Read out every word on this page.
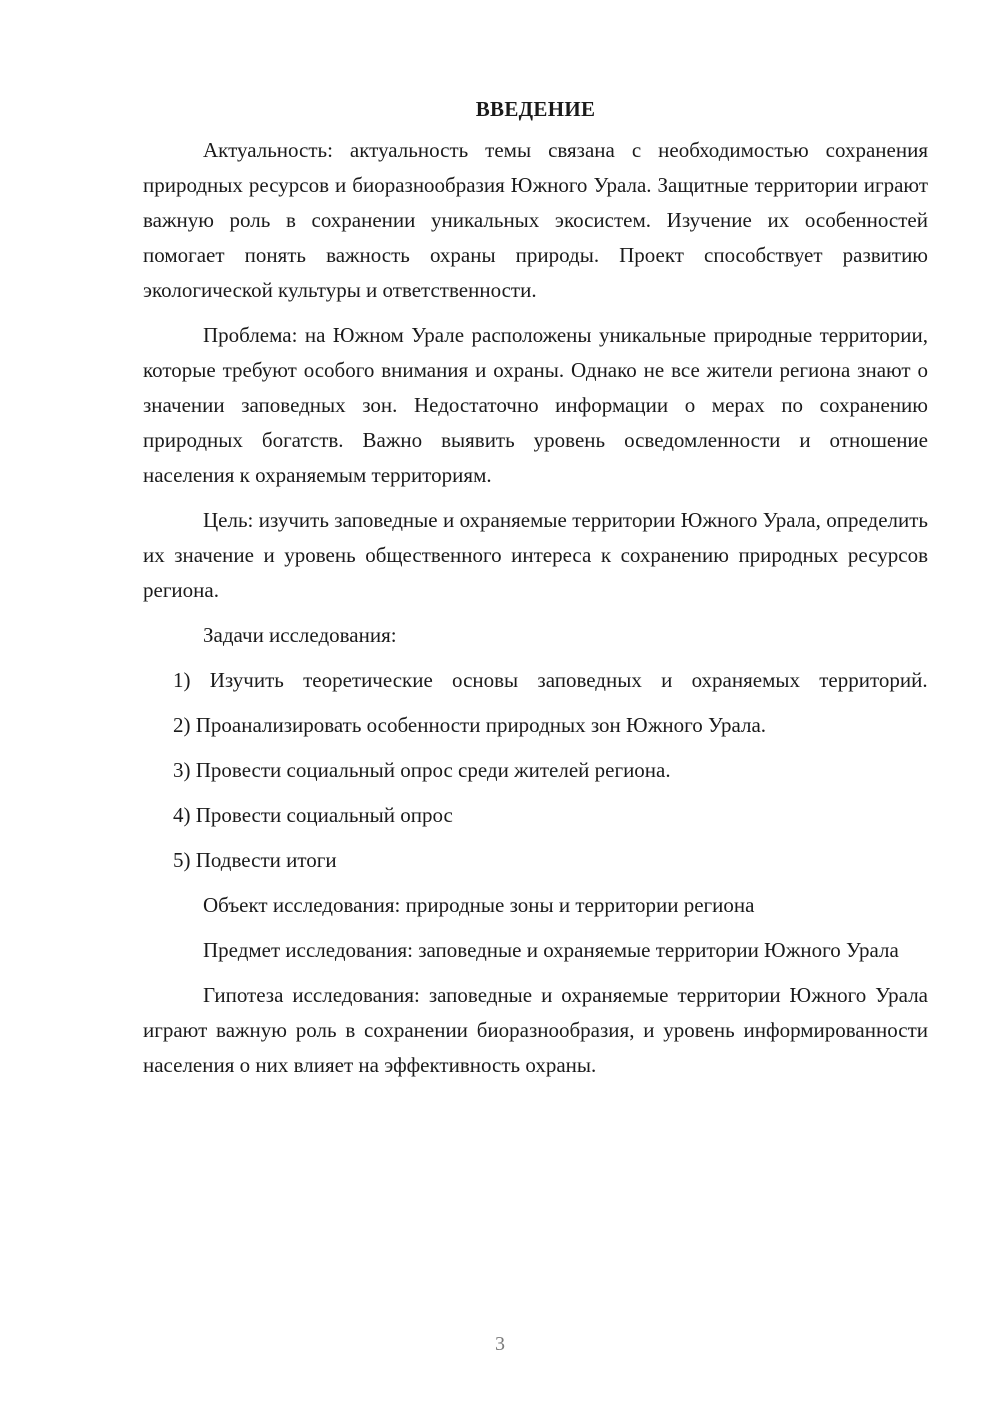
ВВЕДЕНИЕ

Актуальность: актуальность темы связана с необходимостью сохранения природных ресурсов и биоразнообразия Южного Урала. Защитные территории играют важную роль в сохранении уникальных экосистем. Изучение их особенностей помогает понять важность охраны природы. Проект способствует развитию экологической культуры и ответственности.

Проблема: на Южном Урале расположены уникальные природные территории, которые требуют особого внимания и охраны. Однако не все жители региона знают о значении заповедных зон. Недостаточно информации о мерах по сохранению природных богатств. Важно выявить уровень осведомленности и отношение населения к охраняемым территориям.

Цель: изучить заповедные и охраняемые территории Южного Урала, определить их значение и уровень общественного интереса к сохранению природных ресурсов региона.

Задачи исследования:

1) Изучить теоретические основы заповедных и охраняемых территорий.

2) Проанализировать особенности природных зон Южного Урала.

3) Провести социальный опрос среди жителей региона.

4) Провести социальный опрос

5) Подвести итоги

Объект исследования: природные зоны и территории региона

Предмет исследования: заповедные и охраняемые территории Южного Урала

Гипотеза исследования: заповедные и охраняемые территории Южного Урала играют важную роль в сохранении биоразнообразия, и уровень информированности населения о них влияет на эффективность охраны.

3
